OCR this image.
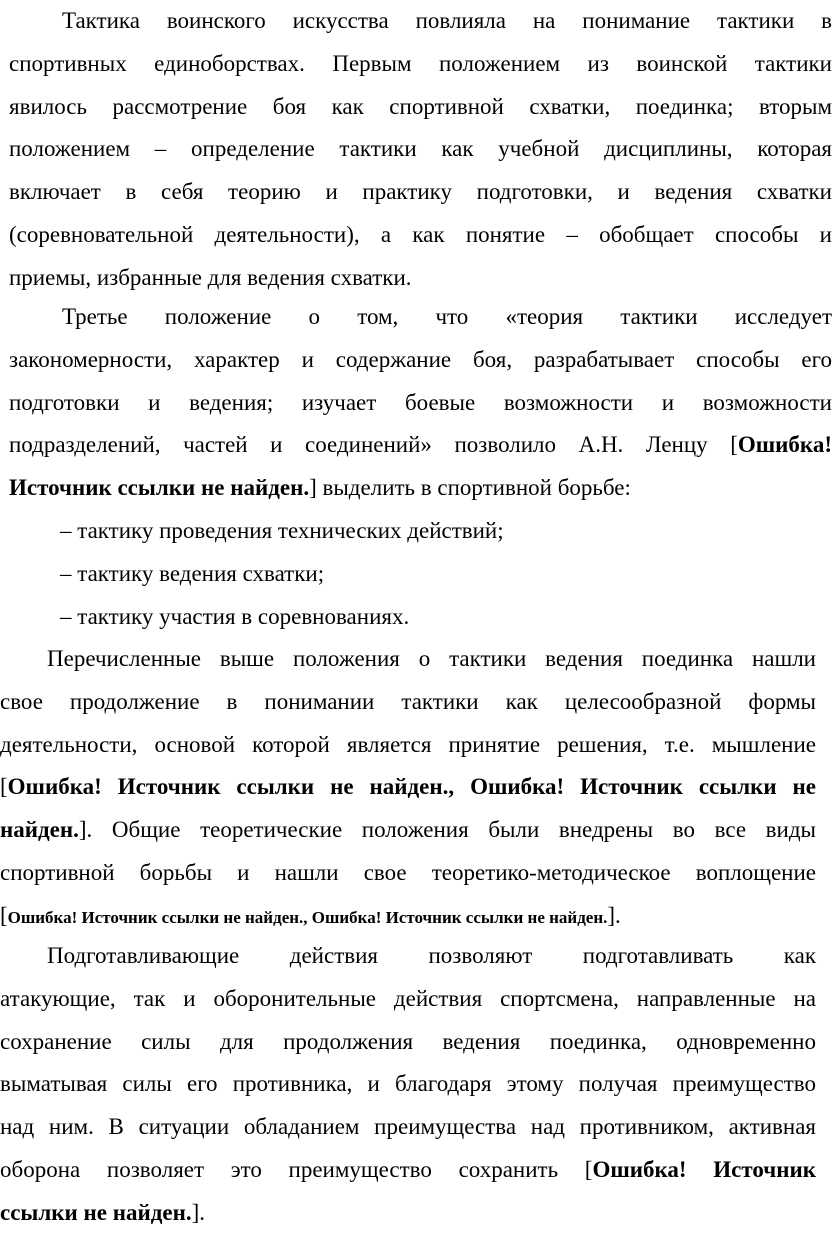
Тактика воинского искусства повлияла на понимание тактики в
спортивных единоборствах. Первым положением из воинской тактики
явилось рассмотрение боя как спортивной схватки, поединка; вторым
положением – определение тактики как учебной дисциплины, которая
включает в себя теорию и практику подготовки, и ведения схватки
(соревновательной деятельности), а как понятие – обобщает способы и
приемы, избранные для ведения схватки.
Третье положение о том, что «теория тактики исследует
закономерности, характер и содержание боя, разрабатывает способы его
подготовки и ведения; изучает боевые возможности и возможности
подразделений, частей и соединений» позволило А.Н. Ленцу [Ошибка!
Источник ссылки не найден.] выделить в спортивной борьбе:
– тактику проведения технических действий;
– тактику ведения схватки;
– тактику участия в соревнованиях.
Перечисленные выше положения о тактики ведения поединка нашли
свое продолжение в понимании тактики как целесообразной формы
деятельности, основой которой является принятие решения, т.е. мышление
[Ошибка! Источник ссылки не найден., Ошибка! Источник ссылки не
найден.]. Общие теоретические положения были внедрены во все виды
спортивной борьбы и нашли свое теоретико-методическое воплощение
[Ошибка! Источник ссылки не найден., Ошибка! Источник ссылки не найден.].
Подготавливающие действия позволяют подготавливать как
атакующие, так и оборонительные действия спортсмена, направленные на
сохранение силы для продолжения ведения поединка, одновременно
выматывая силы его противника, и благодаря этому получая преимущество
над ним. В ситуации обладанием преимущества над противником, активная
оборона позволяет это преимущество сохранить [Ошибка! Источник
ссылки не найден.].
